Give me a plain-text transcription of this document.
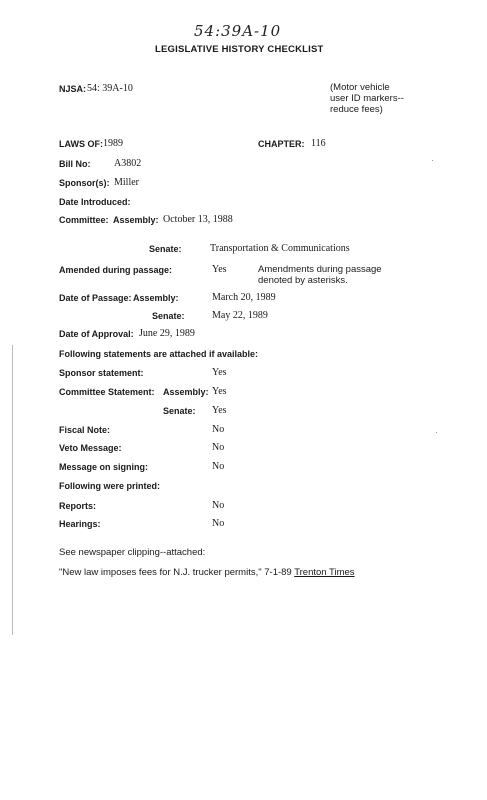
54:39A-10
LEGISLATIVE HISTORY CHECKLIST
NJSA: 54: 39A-10	(Motor vehicle
user ID markers--
reduce fees)
LAWS OF: 1989	CHAPTER: 116
Bill No: A3802
Sponsor(s): Miller
Date Introduced:
Committee: Assembly: October 13, 1988
Senate:	Transportation & Communications
Amended during passage:	Yes	Amendments during passage
denoted by asterisks.
Date of Passage: Assembly:	March 20, 1989
Senate:	May 22, 1989
Date of Approval: June 29, 1989
Following statements are attached if available:
Sponsor statement:	Yes
Committee Statement: Assembly: Yes
Senate: Yes
Fiscal Note:	No
Veto Message:	No
Message on signing:	No
Following were printed:
Reports:	No
Hearings:	No
See newspaper clipping--attached:
"New law imposes fees for N.J. trucker permits," 7-1-89 Trenton Times
